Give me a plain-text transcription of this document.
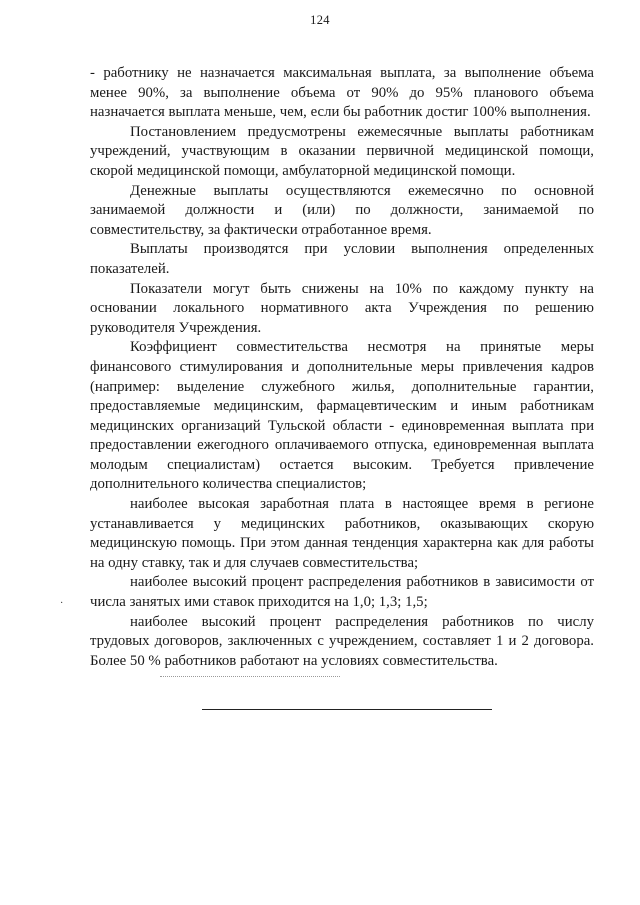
124

- работнику не назначается максимальная выплата, за выполнение объема менее 90%, за выполнение объема от 90% до 95% планового объема назначается выплата меньше, чем, если бы работник достиг 100% выполнения.

Постановлением предусмотрены ежемесячные выплаты работникам учреждений, участвующим в оказании первичной медицинской помощи, скорой медицинской помощи, амбулаторной медицинской помощи.

Денежные выплаты осуществляются ежемесячно по основной занимаемой должности и (или) по должности, занимаемой по совместительству, за фактически отработанное время.

Выплаты производятся при условии выполнения определенных показателей.

Показатели могут быть снижены на 10% по каждому пункту на основании локального нормативного акта Учреждения по решению руководителя Учреждения.

Коэффициент совместительства несмотря на принятые меры финансового стимулирования и дополнительные меры привлечения кадров (например: выделение служебного жилья, дополнительные гарантии, предоставляемые медицинским, фармацевтическим и иным работникам медицинских организаций Тульской области - единовременная выплата при предоставлении ежегодного оплачиваемого отпуска, единовременная выплата молодым специалистам) остается высоким. Требуется привлечение дополнительного количества специалистов;

наиболее высокая заработная плата в настоящее время в регионе устанавливается у медицинских работников, оказывающих скорую медицинскую помощь. При этом данная тенденция характерна как для работы на одну ставку, так и для случаев совместительства;

наиболее высокий процент распределения работников в зависимости от числа занятых ими ставок приходится на 1,0; 1,3; 1,5;

наиболее высокий процент распределения работников по числу трудовых договоров, заключенных с учреждением, составляет 1 и 2 договора. Более 50 % работников работают на условиях совместительства.

·
